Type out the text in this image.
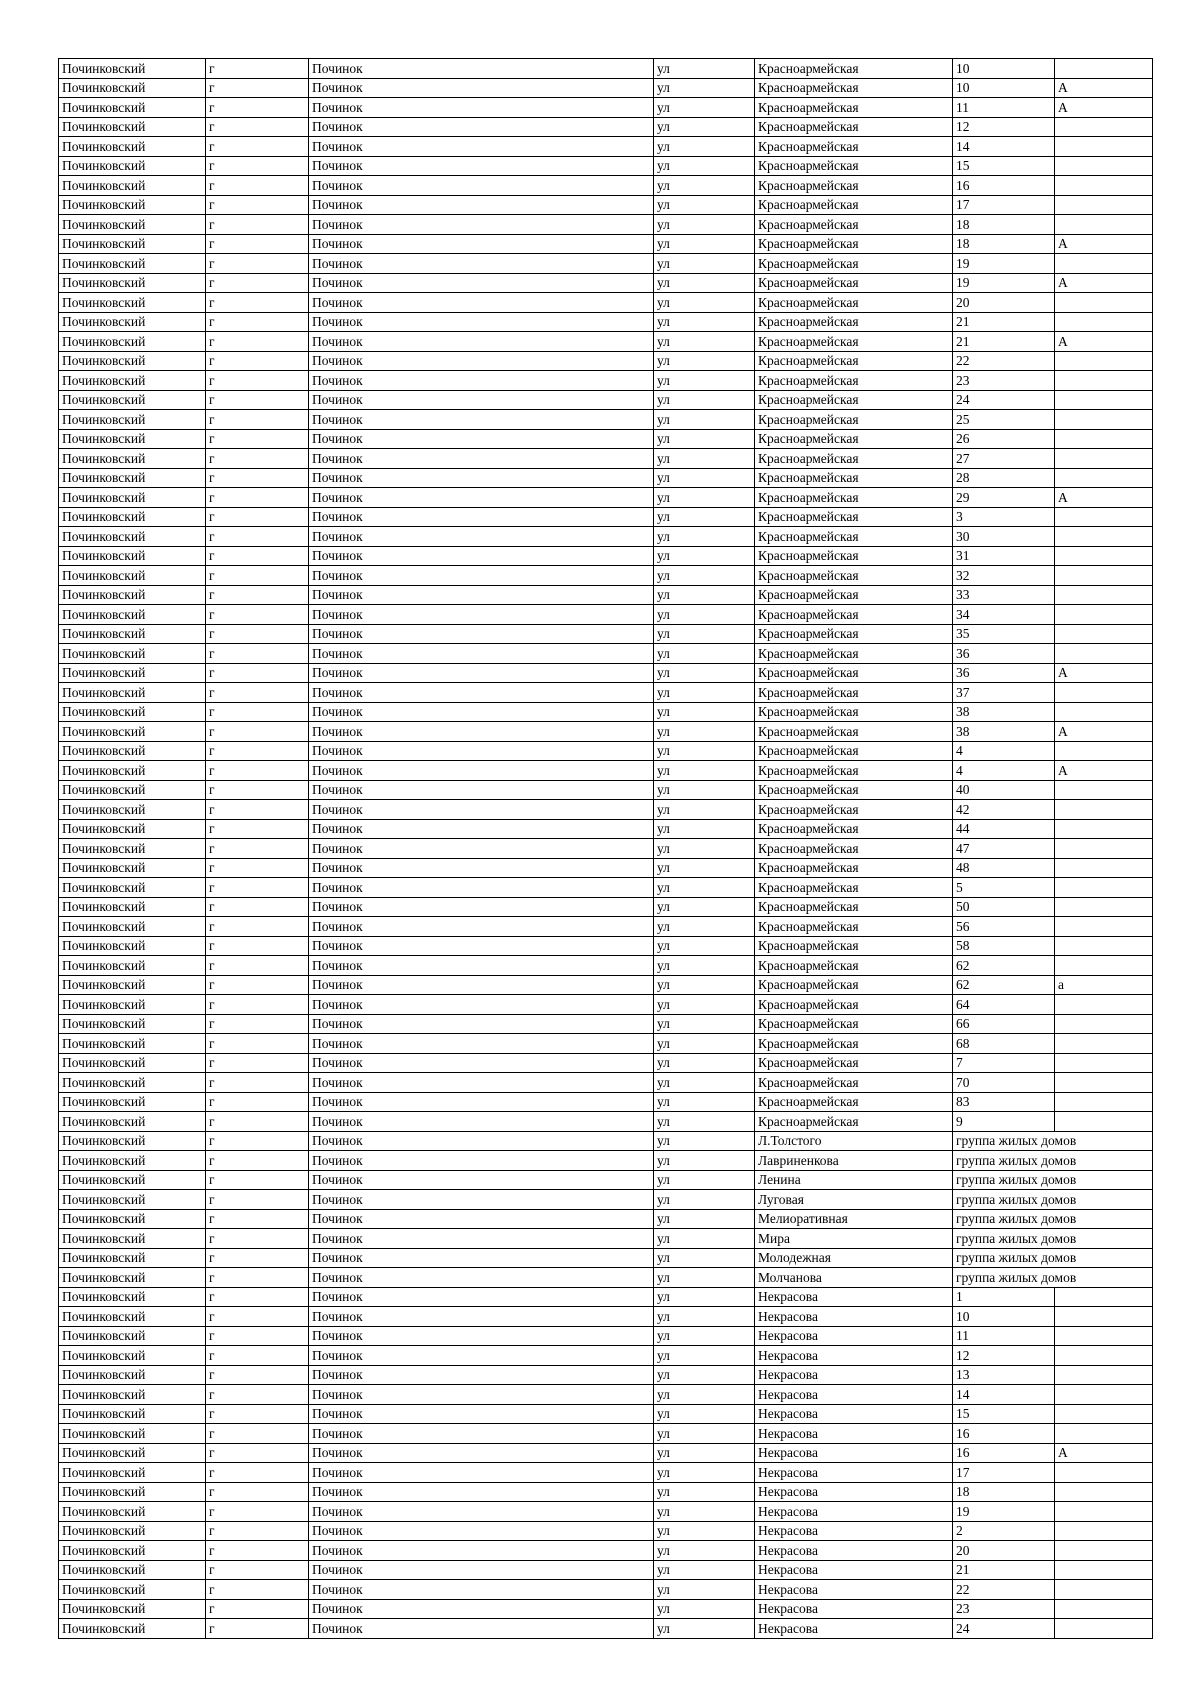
Починковский	г	Починок	ул	Красноармейская	10	
Починковский	г	Починок	ул	Красноармейская	10	А
Починковский	г	Починок	ул	Красноармейская	11	А
Починковский	г	Починок	ул	Красноармейская	12	
Починковский	г	Починок	ул	Красноармейская	14	
Починковский	г	Починок	ул	Красноармейская	15	
Починковский	г	Починок	ул	Красноармейская	16	
Починковский	г	Починок	ул	Красноармейская	17	
Починковский	г	Починок	ул	Красноармейская	18	
Починковский	г	Починок	ул	Красноармейская	18	А
Починковский	г	Починок	ул	Красноармейская	19	
Починковский	г	Починок	ул	Красноармейская	19	А
Починковский	г	Починок	ул	Красноармейская	20	
Починковский	г	Починок	ул	Красноармейская	21	
Починковский	г	Починок	ул	Красноармейская	21	А
Починковский	г	Починок	ул	Красноармейская	22	
Починковский	г	Починок	ул	Красноармейская	23	
Починковский	г	Починок	ул	Красноармейская	24	
Починковский	г	Починок	ул	Красноармейская	25	
Починковский	г	Починок	ул	Красноармейская	26	
Починковский	г	Починок	ул	Красноармейская	27	
Починковский	г	Починок	ул	Красноармейская	28	
Починковский	г	Починок	ул	Красноармейская	29	А
Починковский	г	Починок	ул	Красноармейская	3	
Починковский	г	Починок	ул	Красноармейская	30	
Починковский	г	Починок	ул	Красноармейская	31	
Починковский	г	Починок	ул	Красноармейская	32	
Починковский	г	Починок	ул	Красноармейская	33	
Починковский	г	Починок	ул	Красноармейская	34	
Починковский	г	Починок	ул	Красноармейская	35	
Починковский	г	Починок	ул	Красноармейская	36	
Починковский	г	Починок	ул	Красноармейская	36	А
Починковский	г	Починок	ул	Красноармейская	37	
Починковский	г	Починок	ул	Красноармейская	38	
Починковский	г	Починок	ул	Красноармейская	38	А
Починковский	г	Починок	ул	Красноармейская	4	
Починковский	г	Починок	ул	Красноармейская	4	А
Починковский	г	Починок	ул	Красноармейская	40	
Починковский	г	Починок	ул	Красноармейская	42	
Починковский	г	Починок	ул	Красноармейская	44	
Починковский	г	Починок	ул	Красноармейская	47	
Починковский	г	Починок	ул	Красноармейская	48	
Починковский	г	Починок	ул	Красноармейская	5	
Починковский	г	Починок	ул	Красноармейская	50	
Починковский	г	Починок	ул	Красноармейская	56	
Починковский	г	Починок	ул	Красноармейская	58	
Починковский	г	Починок	ул	Красноармейская	62	
Починковский	г	Починок	ул	Красноармейская	62	а
Починковский	г	Починок	ул	Красноармейская	64	
Починковский	г	Починок	ул	Красноармейская	66	
Починковский	г	Починок	ул	Красноармейская	68	
Починковский	г	Починок	ул	Красноармейская	7	
Починковский	г	Починок	ул	Красноармейская	70	
Починковский	г	Починок	ул	Красноармейская	83	
Починковский	г	Починок	ул	Красноармейская	9	
Починковский	г	Починок	ул	Л.Толстого	группа жилых домов	
Починковский	г	Починок	ул	Лавриненкова	группа жилых домов	
Починковский	г	Починок	ул	Ленина	группа жилых домов	
Починковский	г	Починок	ул	Луговая	группа жилых домов	
Починковский	г	Починок	ул	Мелиоративная	группа жилых домов	
Починковский	г	Починок	ул	Мира	группа жилых домов	
Починковский	г	Починок	ул	Молодежная	группа жилых домов	
Починковский	г	Починок	ул	Молчанова	группа жилых домов	
Починковский	г	Починок	ул	Некрасова	1	
Починковский	г	Починок	ул	Некрасова	10	
Починковский	г	Починок	ул	Некрасова	11	
Починковский	г	Починок	ул	Некрасова	12	
Починковский	г	Починок	ул	Некрасова	13	
Починковский	г	Починок	ул	Некрасова	14	
Починковский	г	Починок	ул	Некрасова	15	
Починковский	г	Починок	ул	Некрасова	16	
Починковский	г	Починок	ул	Некрасова	16	А
Починковский	г	Починок	ул	Некрасова	17	
Починковский	г	Починок	ул	Некрасова	18	
Починковский	г	Починок	ул	Некрасова	19	
Починковский	г	Починок	ул	Некрасова	2	
Починковский	г	Починок	ул	Некрасова	20	
Починковский	г	Починок	ул	Некрасова	21	
Починковский	г	Починок	ул	Некрасова	22	
Починковский	г	Починок	ул	Некрасова	23	
Починковский	г	Починок	ул	Некрасова	24	
